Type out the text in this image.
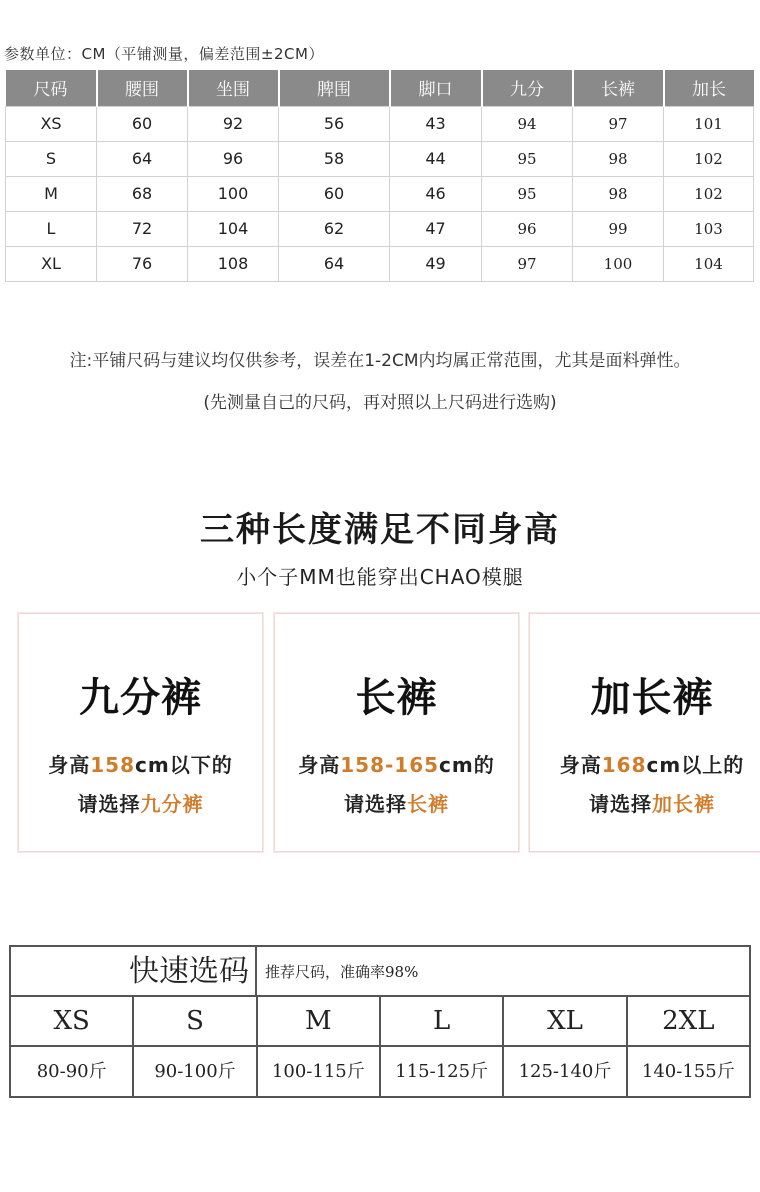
参数单位：CM（平铺测量，偏差范围±2CM）
尺码	腰围	坐围	脾围	脚口	九分	长裤	加长
XS	60	92	56	43	94	97	101
S	64	96	58	44	95	98	102
M	68	100	60	46	95	98	102
L	72	104	62	47	96	99	103
XL	76	108	64	49	97	100	104
注:平铺尺码与建议均仅供参考，误差在1-2CM内均属正常范围，尤其是面料弹性。
(先测量自己的尺码，再对照以上尺码进行选购)
三种长度满足不同身高
小个子MM也能穿出CHAO模腿
九分裤
身高158cm以下的
请选择九分裤
长裤
身高158-165cm的
请选择长裤
加长裤
身高168cm以上的
请选择加长裤
快速选码	推荐尺码，准确率98%
XS	S	M	L	XL	2XL
80-90斤	90-100斤	100-115斤	115-125斤	125-140斤	140-155斤
